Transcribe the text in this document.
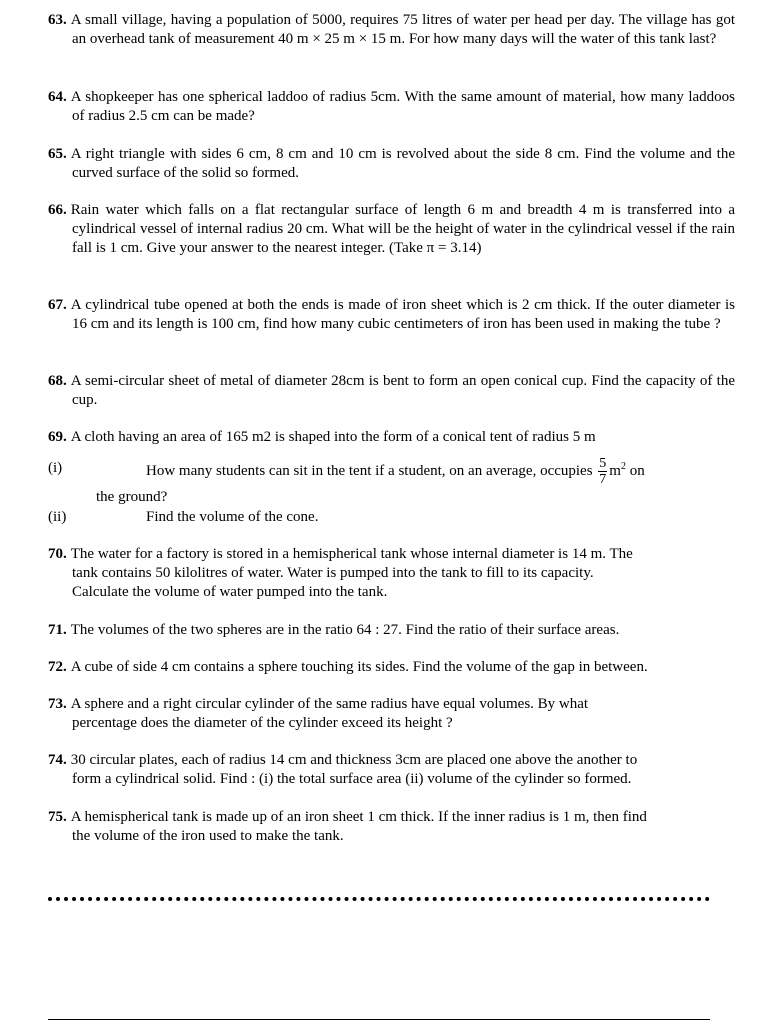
63. A small village, having a population of 5000, requires 75 litres of water per head per day. The village has got an overhead tank of measurement 40 m × 25 m × 15 m. For how many days will the water of this tank last?
64. A shopkeeper has one spherical laddoo of radius 5cm. With the same amount of material, how many laddoos of radius 2.5 cm can be made?
65. A right triangle with sides 6 cm, 8 cm and 10 cm is revolved about the side 8 cm. Find the volume and the curved surface of the solid so formed.
66. Rain water which falls on a flat rectangular surface of length 6 m and breadth 4 m is transferred into a cylindrical vessel of internal radius 20 cm. What will be the height of water in the cylindrical vessel if the rain fall is 1 cm. Give your answer to the nearest integer. (Take π = 3.14)
67. A cylindrical tube opened at both the ends is made of iron sheet which is 2 cm thick. If the outer diameter is 16 cm and its length is 100 cm, find how many cubic centimeters of iron has been used in making the tube ?
68. A semi-circular sheet of metal of diameter 28cm is bent to form an open conical cup. Find the capacity of the cup.
69. A cloth having an area of 165 m2 is shaped into the form of a conical tent of radius 5 m
(i)	How many students can sit in the tent if a student, on an average, occupies $\frac{5}{7} m^2$ on
the ground?
(ii)	Find the volume of the cone.
70. The water for a factory is stored in a hemispherical tank whose internal diameter is 14 m. The
tank contains 50 kilolitres of water. Water is pumped into the tank to fill to its capacity.
Calculate the volume of water pumped into the tank.
71. The volumes of the two spheres are in the ratio 64 : 27. Find the ratio of their surface areas.
72. A cube of side 4 cm contains a sphere touching its sides. Find the volume of the gap in between.
73. A sphere and a right circular cylinder of the same radius have equal volumes. By what
percentage does the diameter of the cylinder exceed its height ?
74. 30 circular plates, each of radius 14 cm and thickness 3cm are placed one above the another to
form a cylindrical solid. Find : (i) the total surface area (ii) volume of the cylinder so formed.
75. A hemispherical tank is made up of an iron sheet 1 cm thick. If the inner radius is 1 m, then find
the volume of the iron used to make the tank.
